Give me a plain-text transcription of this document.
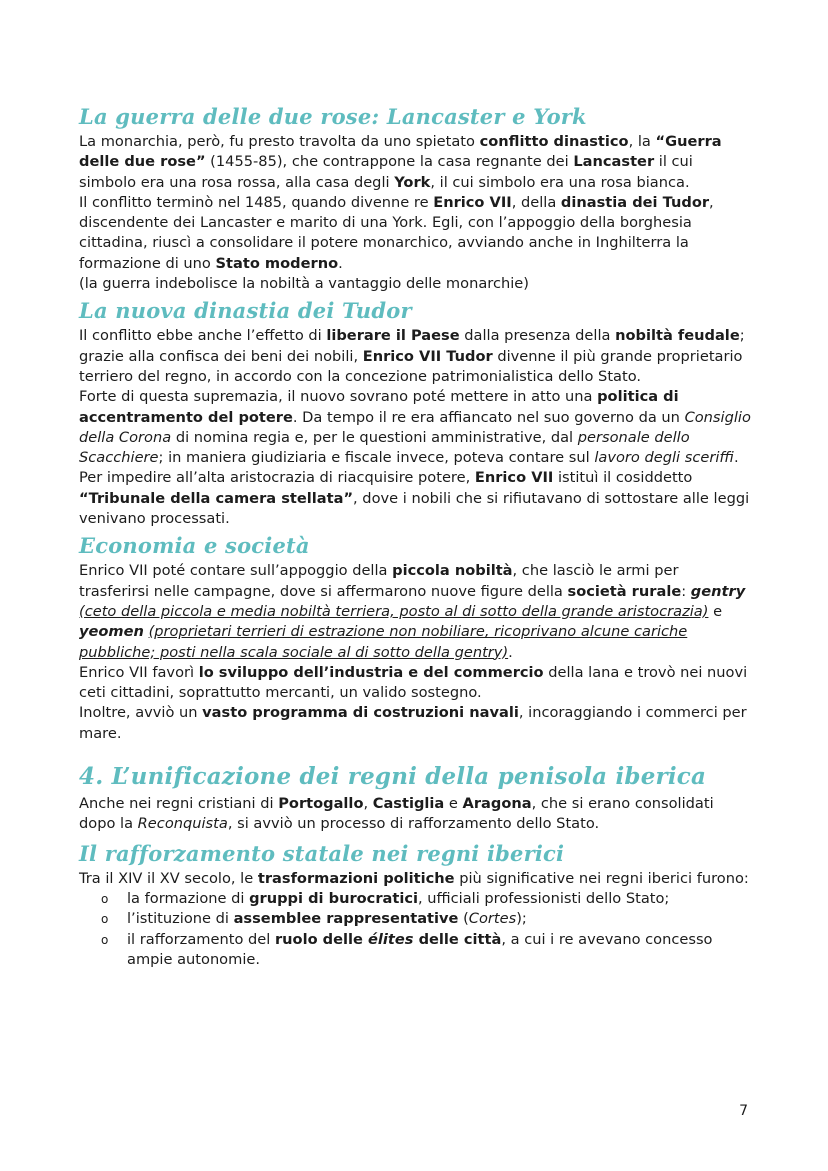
La guerra delle due rose: Lancaster e York

La monarchia, però, fu presto travolta da uno spietato conflitto dinastico, la “Guerra delle due rose” (1455-85), che contrappone la casa regnante dei Lancaster il cui simbolo era una rosa rossa, alla casa degli York, il cui simbolo era una rosa bianca.

Il conflitto terminò nel 1485, quando divenne re Enrico VII, della dinastia dei Tudor, discendente dei Lancaster e marito di una York. Egli, con l’appoggio della borghesia cittadina, riuscì a consolidare il potere monarchico, avviando anche in Inghilterra la formazione di uno Stato moderno.

(la guerra indebolisce la nobiltà a vantaggio delle monarchie)

La nuova dinastia dei Tudor

Il conflitto ebbe anche l’effetto di liberare il Paese dalla presenza della nobiltà feudale; grazie alla confisca dei beni dei nobili, Enrico VII Tudor divenne il più grande proprietario terriero del regno, in accordo con la concezione patrimonialistica dello Stato.

Forte di questa supremazia, il nuovo sovrano poté mettere in atto una politica di accentramento del potere. Da tempo il re era affiancato nel suo governo da un Consiglio della Corona di nomina regia e, per le questioni amministrative, dal personale dello Scacchiere; in maniera giudiziaria e fiscale invece, poteva contare sul lavoro degli sceriffi. Per impedire all’alta aristocrazia di riacquisire potere, Enrico VII istituì il cosiddetto “Tribunale della camera stellata”, dove i nobili che si rifiutavano di sottostare alle leggi venivano processati.

Economia e società

Enrico VII poté contare sull’appoggio della piccola nobiltà, che lasciò le armi per trasferirsi nelle campagne, dove si affermarono nuove figure della società rurale: gentry (ceto della piccola e media nobiltà terriera, posto al di sotto della grande aristocrazia) e yeomen (proprietari terrieri di estrazione non nobiliare, ricoprivano alcune cariche pubbliche; posti nella scala sociale al di sotto della gentry).

Enrico VII favorì lo sviluppo dell’industria e del commercio della lana e trovò nei nuovi ceti cittadini, soprattutto mercanti, un valido sostegno.

Inoltre, avviò un vasto programma di costruzioni navali, incoraggiando i commerci per mare.

4. L’unificazione dei regni della penisola iberica

Anche nei regni cristiani di Portogallo, Castiglia e Aragona, che si erano consolidati dopo la Reconquista, si avviò un processo di rafforzamento dello Stato.

Il rafforzamento statale nei regni iberici

Tra il XIV il XV secolo, le trasformazioni politiche più significative nei regni iberici furono:

o la formazione di gruppi di burocratici, ufficiali professionisti dello Stato;
o l’istituzione di assemblee rappresentative (Cortes);
o il rafforzamento del ruolo delle élites delle città, a cui i re avevano concesso ampie autonomie.
7
